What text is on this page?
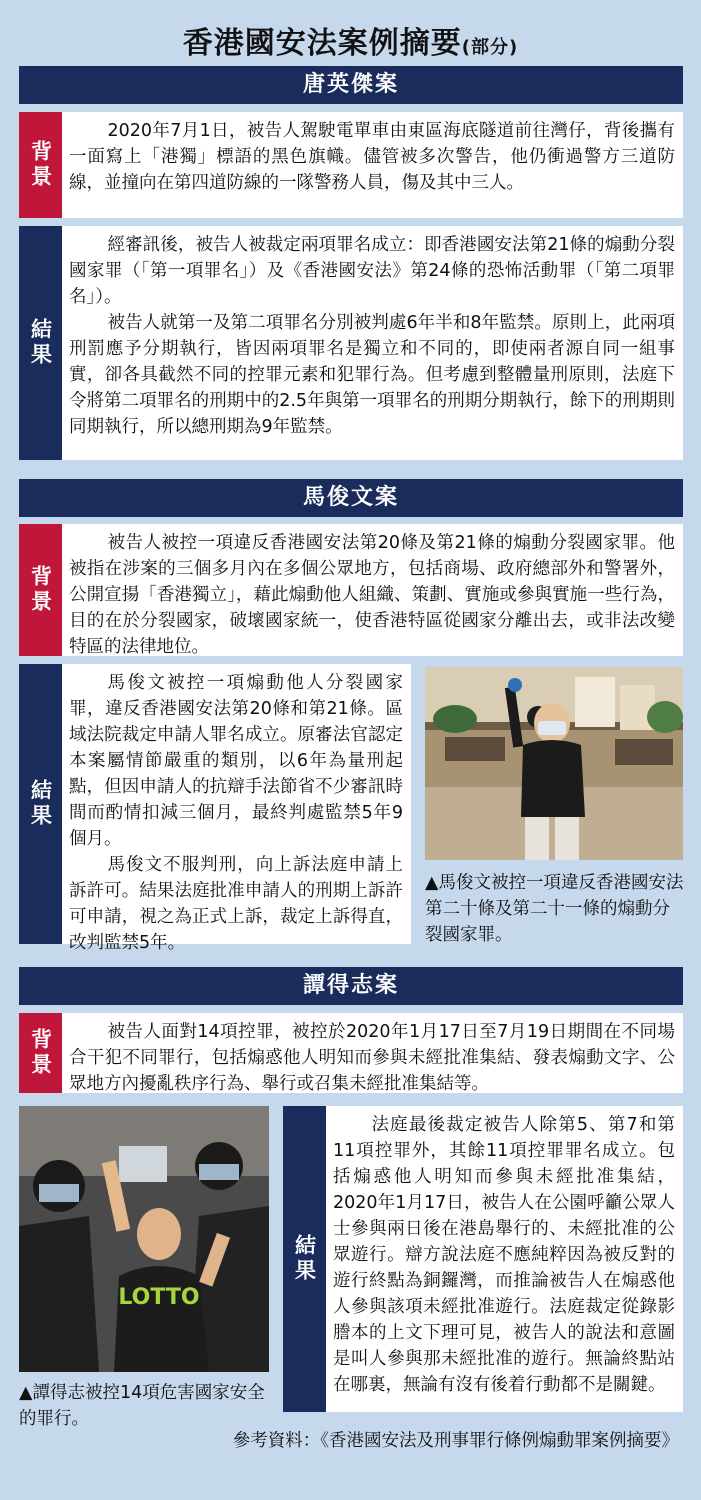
香港國安法案例摘要(部分)
唐英傑案
背景

2020年7月1日，被告人駕駛電單車由東區海底隧道前往灣仔，背後攜有一面寫上「港獨」標語的黑色旗幟。儘管被多次警告，他仍衝過警方三道防線，並撞向在第四道防線的一隊警務人員，傷及其中三人。

結果

經審訊後，被告人被裁定兩項罪名成立：即香港國安法第21條的煽動分裂國家罪（「第一項罪名」）及《香港國安法》第24條的恐怖活動罪（「第二項罪名」）。

被告人就第一及第二項罪名分別被判處6年半和8年監禁。原則上，此兩項刑罰應予分期執行，皆因兩項罪名是獨立和不同的，即使兩者源自同一組事實，卻各具截然不同的控罪元素和犯罪行為。但考慮到整體量刑原則，法庭下令將第二項罪名的刑期中的2.5年與第一項罪名的刑期分期執行，餘下的刑期則同期執行，所以總刑期為9年監禁。

馬俊文案
背景

被告人被控一項違反香港國安法第20條及第21條的煽動分裂國家罪。他被指在涉案的三個多月內在多個公眾地方，包括商場、政府總部外和警署外，公開宣揚「香港獨立」，藉此煽動他人組織、策劃、實施或參與實施一些行為，目的在於分裂國家，破壞國家統一，使香港特區從國家分離出去，或非法改變特區的法律地位。

結果

馬俊文被控一項煽動他人分裂國家罪，違反香港國安法第20條和第21條。區域法院裁定申請人罪名成立。原審法官認定本案屬情節嚴重的類別，以6年為量刑起點，但因申請人的抗辯手法節省不少審訊時間而酌情扣減三個月，最終判處監禁5年9個月。

馬俊文不服判刑，向上訴法庭申請上訴許可。結果法庭批准申請人的刑期上訴許可申請，視之為正式上訴，裁定上訴得直，改判監禁5年。

▲馬俊文被控一項違反香港國安法第二十條及第二十一條的煽動分裂國家罪。
譚得志案
背景	被告人面對14項控罪，被控於2020年1月17日至7月19日期間在不同場合干犯不同罪行，包括煽惑他人明知而參與未經批准集結、發表煽動文字、公眾地方內擾亂秩序行為、舉行或召集未經批准集結等。

LOTTO
▲譚得志被控14項危害國家安全的罪行。
結果

法庭最後裁定被告人除第5、第7和第11項控罪外，其餘11項控罪罪名成立。包括煽惑他人明知而參與未經批准集結，2020年1月17日，被告人在公園呼籲公眾人士參與兩日後在港島舉行的、未經批准的公眾遊行。辯方說法庭不應純粹因為被反對的遊行終點為銅鑼灣，而推論被告人在煽惑他人參與該項未經批准遊行。法庭裁定從錄影謄本的上文下理可見，被告人的說法和意圖是叫人參與那未經批准的遊行。無論終點站在哪裏，無論有沒有後着行動都不是關鍵。

參考資料：《香港國安法及刑事罪行條例煽動罪案例摘要》
